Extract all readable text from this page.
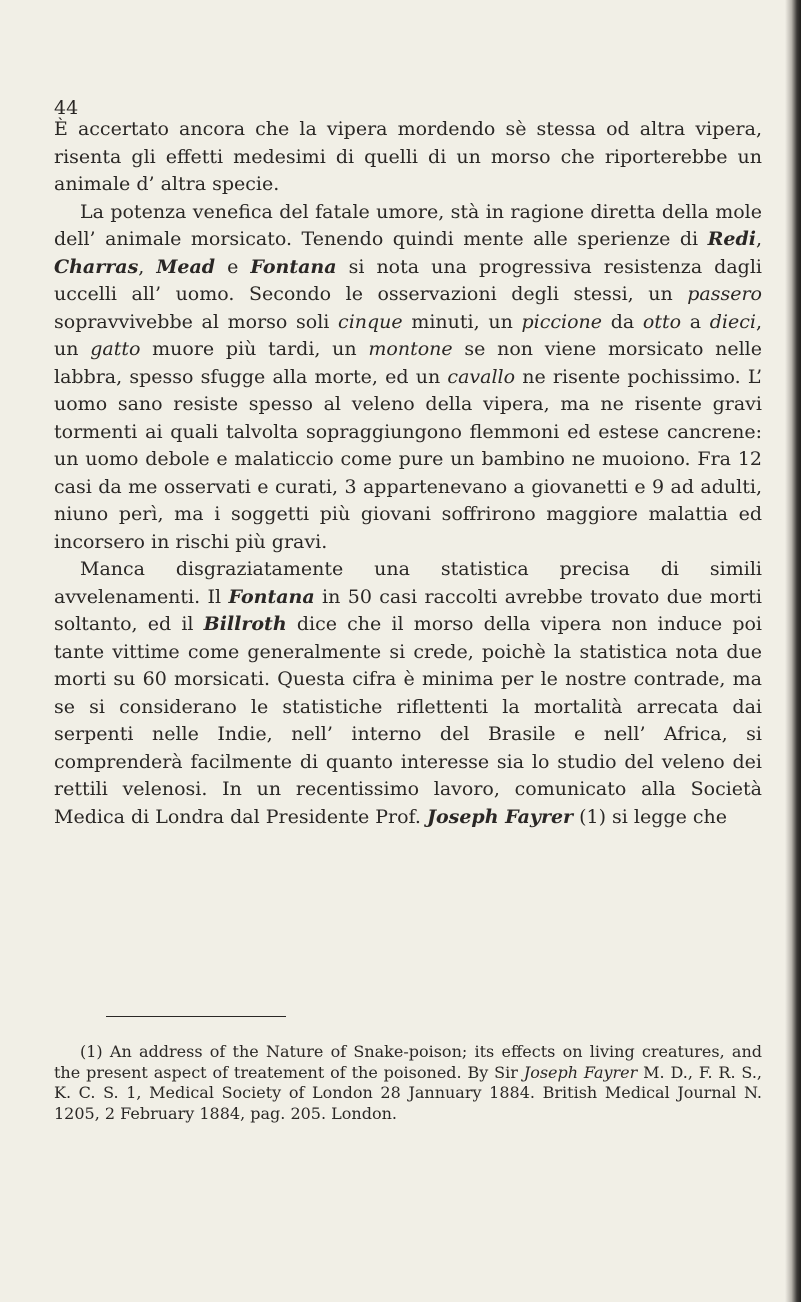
44

È accertato ancora che la vipera mordendo sè stessa od altra vipera, risenta gli effetti medesimi di quelli di un morso che riporterebbe un animale d’ altra specie.

La potenza venefica del fatale umore, stà in ragione diretta della mole dell’ animale morsicato. Tenendo quindi mente alle sperienze di Redi, Charras, Mead e Fontana si nota una progressiva resistenza dagli uccelli all’ uomo. Secondo le osservazioni degli stessi, un passero sopravvivebbe al morso soli cinque minuti, un piccione da otto a dieci, un gatto muore più tardi, un montone se non viene morsicato nelle labbra, spesso sfugge alla morte, ed un cavallo ne risente pochissimo. L’ uomo sano resiste spesso al veleno della vipera, ma ne risente gravi tormenti ai quali talvolta sopraggiungono flemmoni ed estese cancrene: un uomo debole e malaticcio come pure un bambino ne muoiono. Fra 12 casi da me osservati e curati, 3 appartenevano a giovanetti e 9 ad adulti, niuno perì, ma i soggetti più giovani soffrirono maggiore malattia ed incorsero in rischi più gravi.

Manca disgraziatamente una statistica precisa di simili avvelenamenti. Il Fontana in 50 casi raccolti avrebbe trovato due morti soltanto, ed il Billroth dice che il morso della vipera non induce poi tante vittime come generalmente si crede, poichè la statistica nota due morti su 60 morsicati. Questa cifra è minima per le nostre contrade, ma se si considerano le statistiche riflettenti la mortalità arrecata dai serpenti nelle Indie, nell’ interno del Brasile e nell’ Africa, si comprenderà facilmente di quanto interesse sia lo studio del veleno dei rettili velenosi. In un recentissimo lavoro, comunicato alla Società Medica di Londra dal Presidente Prof. Joseph Fayrer (1) si legge che

(1) An address of the Nature of Snake-poison; its effects on living creatures, and the present aspect of treatement of the poisoned. By Sir Joseph Fayrer M. D., F. R. S., K. C. S. 1, Medical Society of London 28 Jannuary 1884. British Medical Journal N. 1205, 2 February 1884, pag. 205. London.
